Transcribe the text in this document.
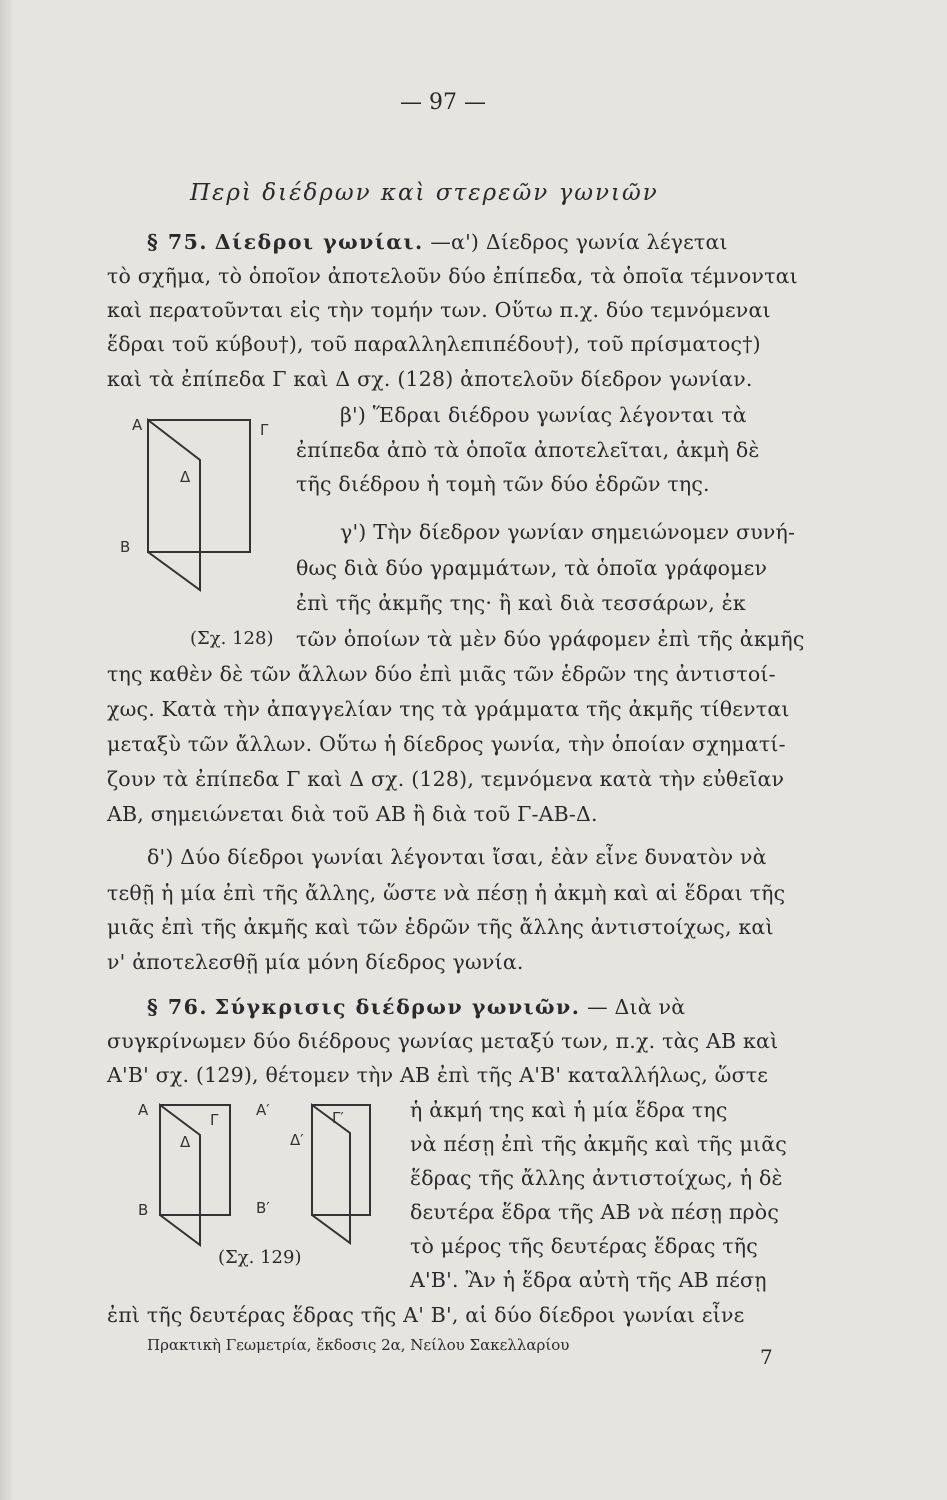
— 97 —
Περὶ διέδρων καὶ στερεῶν γωνιῶν
§ 75. Δίεδροι γωνίαι. —α') Δίεδρος γωνία λέγεται
τὸ σχῆμα, τὸ ὁποῖον ἀποτελοῦν δύο ἐπίπεδα, τὰ ὁποῖα τέμνονται
καὶ περατοῦνται εἰς τὴν τομήν των. Οὕτω π.χ. δύο τεμνόμεναι
ἕδραι τοῦ κύβου†), τοῦ παραλληλεπιπέδου†), τοῦ πρίσματος†)
καὶ τὰ ἐπίπεδα Γ καὶ Δ σχ. (128) ἀποτελοῦν δίεδρον γωνίαν.
A
B
Γ
Δ
(Σχ. 128)
β') Ἕδραι διέδρου γωνίας λέγονται τὰ
ἐπίπεδα ἀπὸ τὰ ὁποῖα ἀποτελεῖται, ἀκμὴ δὲ
τῆς διέδρου ἡ τομὴ τῶν δύο ἑδρῶν της.
γ') Τὴν δίεδρον γωνίαν σημειώνομεν συνή-
θως διὰ δύο γραμμάτων, τὰ ὁποῖα γράφομεν
ἐπὶ τῆς ἀκμῆς της· ἢ καὶ διὰ τεσσάρων, ἐκ
τῶν ὁποίων τὰ μὲν δύο γράφομεν ἐπὶ τῆς ἀκμῆς
της καθὲν δὲ τῶν ἄλλων δύο ἐπὶ μιᾶς τῶν ἑδρῶν της ἀντιστοί-
χως. Κατὰ τὴν ἀπαγγελίαν της τὰ γράμματα τῆς ἀκμῆς τίθενται
μεταξὺ τῶν ἄλλων. Οὕτω ἡ δίεδρος γωνία, τὴν ὁποίαν σχηματί-
ζουν τὰ ἐπίπεδα Γ καὶ Δ σχ. (128), τεμνόμενα κατὰ τὴν εὐθεῖαν
ΑΒ, σημειώνεται διὰ τοῦ ΑΒ ἢ διὰ τοῦ Γ-ΑΒ-Δ.
δ') Δύο δίεδροι γωνίαι λέγονται ἴσαι, ἐὰν εἶνε δυνατὸν νὰ
τεθῇ ἡ μία ἐπὶ τῆς ἄλλης, ὥστε νὰ πέσῃ ἡ ἀκμὴ καὶ αἱ ἕδραι τῆς
μιᾶς ἐπὶ τῆς ἀκμῆς καὶ τῶν ἑδρῶν τῆς ἄλλης ἀντιστοίχως, καὶ
ν' ἀποτελεσθῇ μία μόνη δίεδρος γωνία.
§ 76. Σύγκρισις διέδρων γωνιῶν. — Διὰ νὰ
συγκρίνωμεν δύο διέδρους γωνίας μεταξύ των, π.χ. τὰς ΑΒ καὶ
Α'Β' σχ. (129), θέτομεν τὴν ΑΒ ἐπὶ τῆς Α'Β' καταλλήλως, ὥστε
A
B
Γ
Δ
A′
B′
Γ′
Δ′
(Σχ. 129)
ἡ ἀκμή της καὶ ἡ μία ἕδρα της
νὰ πέσῃ ἐπὶ τῆς ἀκμῆς καὶ τῆς μιᾶς
ἕδρας τῆς ἄλλης ἀντιστοίχως, ἡ δὲ
δευτέρα ἕδρα τῆς ΑΒ νὰ πέσῃ πρὸς
τὸ μέρος τῆς δευτέρας ἕδρας τῆς
Α'Β'. Ἂν ἡ ἕδρα αὐτὴ τῆς ΑΒ πέσῃ
ἐπὶ τῆς δευτέρας ἕδρας τῆς Α' Β', αἱ δύο δίεδροι γωνίαι εἶνε
Πρακτικὴ Γεωμετρία, ἔκδοσις 2α, Νείλου Σακελλαρίου	7
